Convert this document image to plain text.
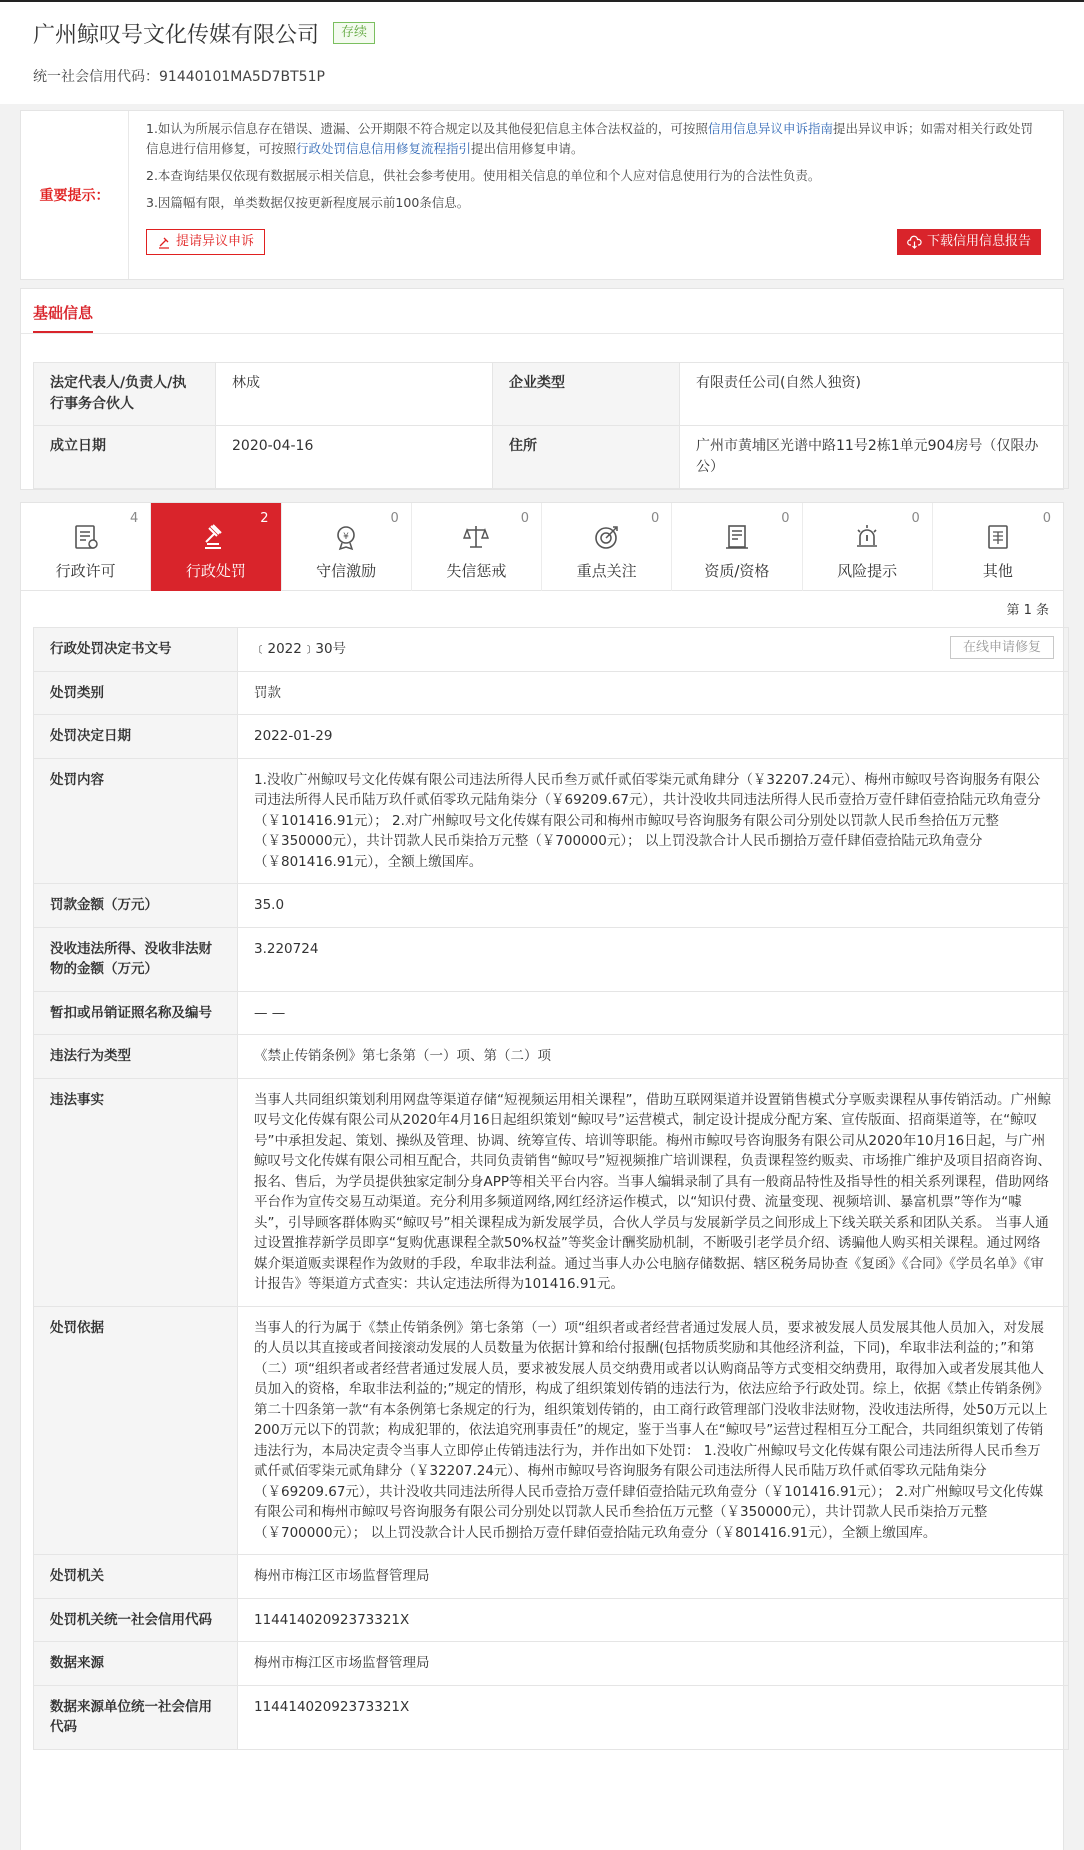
广州鲸叹号文化传媒有限公司	存续
统一社会信用代码：91440101MA5D7BT51P
重要提示：

1.如认为所展示信息存在错误、遗漏、公开期限不符合规定以及其他侵犯信息主体合法权益的，可按照信用信息异议申诉指南提出异议申诉；如需对相关行政处罚信息进行信用修复，可按照行政处罚信息信用修复流程指引提出信用修复申请。

2.本查询结果仅依现有数据展示相关信息，供社会参考使用。使用相关信息的单位和个人应对信息使用行为的合法性负责。

3.因篇幅有限，单类数据仅按更新程度展示前100条信息。

提请异议申诉	下载信用信息报告
基础信息
法定代表人/负责人/执行事务合伙人	林成	企业类型	有限责任公司(自然人独资)
成立日期	2020-04-16	住所	广州市黄埔区光谱中路11号2栋1单元904房号（仅限办公）
4
行政许可
2
行政处罚
0
¥
守信激励
0
失信惩戒
0
重点关注
0
资质/资格
0
风险提示
0
其他
第 1 条
行政处罚决定书文号	﹝2022﹞30号 在线申请修复

处罚类别	罚款
处罚决定日期	2022-01-29
处罚内容	1.没收广州鲸叹号文化传媒有限公司违法所得人民币叁万贰仟贰佰零柒元贰角肆分（￥32207.24元）、梅州市鲸叹号咨询服务有限公司违法所得人民币陆万玖仟贰佰零玖元陆角柒分（￥69209.67元），共计没收共同违法所得人民币壹拾万壹仟肆佰壹拾陆元玖角壹分（￥101416.91元）； 2.对广州鲸叹号文化传媒有限公司和梅州市鲸叹号咨询服务有限公司分别处以罚款人民币叁拾伍万元整（￥350000元），共计罚款人民币柒拾万元整（￥700000元）； 以上罚没款合计人民币捌拾万壹仟肆佰壹拾陆元玖角壹分（￥801416.91元），全额上缴国库。
罚款金额（万元）	35.0
没收违法所得、没收非法财物的金额（万元）	3.220724
暂扣或吊销证照名称及编号	— —
违法行为类型	《禁止传销条例》第七条第（一）项、第（二）项
违法事实	当事人共同组织策划利用网盘等渠道存储“短视频运用相关课程”，借助互联网渠道并设置销售模式分享贩卖课程从事传销活动。广州鲸叹号文化传媒有限公司从2020年4月16日起组织策划“鲸叹号”运营模式，制定设计提成分配方案、宣传版面、招商渠道等，在“鲸叹号”中承担发起、策划、操纵及管理、协调、统筹宣传、培训等职能。梅州市鲸叹号咨询服务有限公司从2020年10月16日起，与广州鲸叹号文化传媒有限公司相互配合，共同负责销售“鲸叹号”短视频推广培训课程，负责课程签约贩卖、市场推广维护及项目招商咨询、报名、售后，为学员提供独家定制分身APP等相关平台内容。当事人编辑录制了具有一般商品特性及指导性的相关系列课程，借助网络平台作为宣传交易互动渠道。充分利用多频道网络,网红经济运作模式，以“知识付费、流量变现、视频培训、暴富机票”等作为“噱头”，引导顾客群体购买“鲸叹号”相关课程成为新发展学员，合伙人学员与发展新学员之间形成上下线关联关系和团队关系。 当事人通过设置推荐新学员即享“复购优惠课程全款50%权益”等奖金计酬奖励机制，不断吸引老学员介绍、诱骗他人购买相关课程。通过网络媒介渠道贩卖课程作为敛财的手段，牟取非法利益。通过当事人办公电脑存储数据、辖区税务局协查《复函》《合同》《学员名单》《审计报告》等渠道方式查实：共认定违法所得为101416.91元。
处罚依据	当事人的行为属于《禁止传销条例》第七条第（一）项“组织者或者经营者通过发展人员，要求被发展人员发展其他人员加入，对发展的人员以其直接或者间接滚动发展的人员数量为依据计算和给付报酬(包括物质奖励和其他经济利益，下同)，牟取非法利益的；”和第（二）项“组织者或者经营者通过发展人员，要求被发展人员交纳费用或者以认购商品等方式变相交纳费用，取得加入或者发展其他人员加入的资格，牟取非法利益的;”规定的情形，构成了组织策划传销的违法行为，依法应给予行政处罚。综上，依据《禁止传销条例》第二十四条第一款“有本条例第七条规定的行为，组织策划传销的，由工商行政管理部门没收非法财物，没收违法所得，处50万元以上200万元以下的罚款；构成犯罪的，依法追究刑事责任”的规定，鉴于当事人在“鲸叹号”运营过程相互分工配合，共同组织策划了传销违法行为，本局决定责令当事人立即停止传销违法行为，并作出如下处罚： 1.没收广州鲸叹号文化传媒有限公司违法所得人民币叁万贰仟贰佰零柒元贰角肆分（￥32207.24元）、梅州市鲸叹号咨询服务有限公司违法所得人民币陆万玖仟贰佰零玖元陆角柒分（￥69209.67元），共计没收共同违法所得人民币壹拾万壹仟肆佰壹拾陆元玖角壹分（￥101416.91元）； 2.对广州鲸叹号文化传媒有限公司和梅州市鲸叹号咨询服务有限公司分别处以罚款人民币叁拾伍万元整（￥350000元），共计罚款人民币柒拾万元整（￥700000元）； 以上罚没款合计人民币捌拾万壹仟肆佰壹拾陆元玖角壹分（￥801416.91元），全额上缴国库。
处罚机关	梅州市梅江区市场监督管理局
处罚机关统一社会信用代码	11441402092373321X
数据来源	梅州市梅江区市场监督管理局
数据来源单位统一社会信用代码	11441402092373321X
